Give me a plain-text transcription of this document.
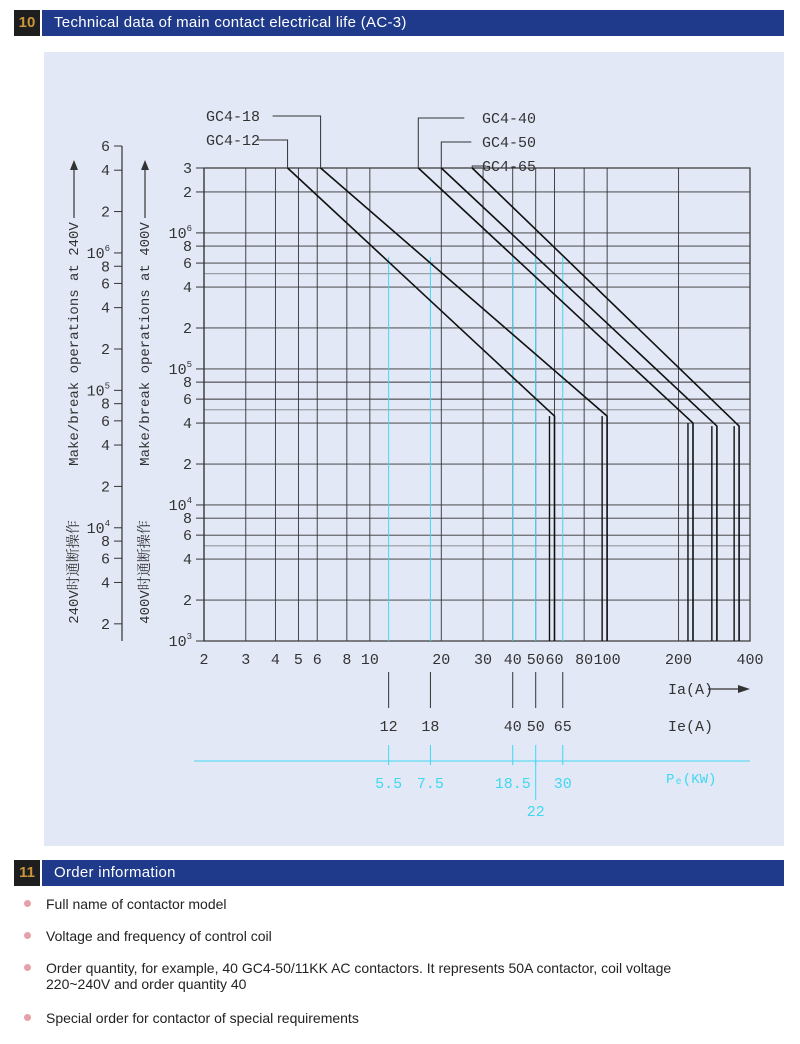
10	Technical data of main contact electrical life (AC-3)
$10^3$
2
4
6
8
$10^4$
2
4
6
8
$10^5$
2
4
6
8
$10^6$
2
3
2
4
6
8
$10^4$
2
4
6
8
$10^5$
2
4
6
8
$10^6$
2
4
6
Make/break operations at 240V
240V时通断操作
Make/break operations at 400V
400V时通断操作
2 3 4 5 6 8 10	20 30 40 50 60 80 100	200	400
Ia(A)
12 18	40 50 65	Ie(A)
5.5 7.5	18.5
22
30	Pₑ(KW)
GC4-12
GC4-18	GC4-40
GC4-50
GC4-65
11	Order information
Full name of contactor model
Voltage and frequency of control coil
Order quantity, for example, 40 GC4-50/11KK AC contactors. It represents 50A contactor, coil voltage 220~240V and order quantity 40
Special order for contactor of special requirements
